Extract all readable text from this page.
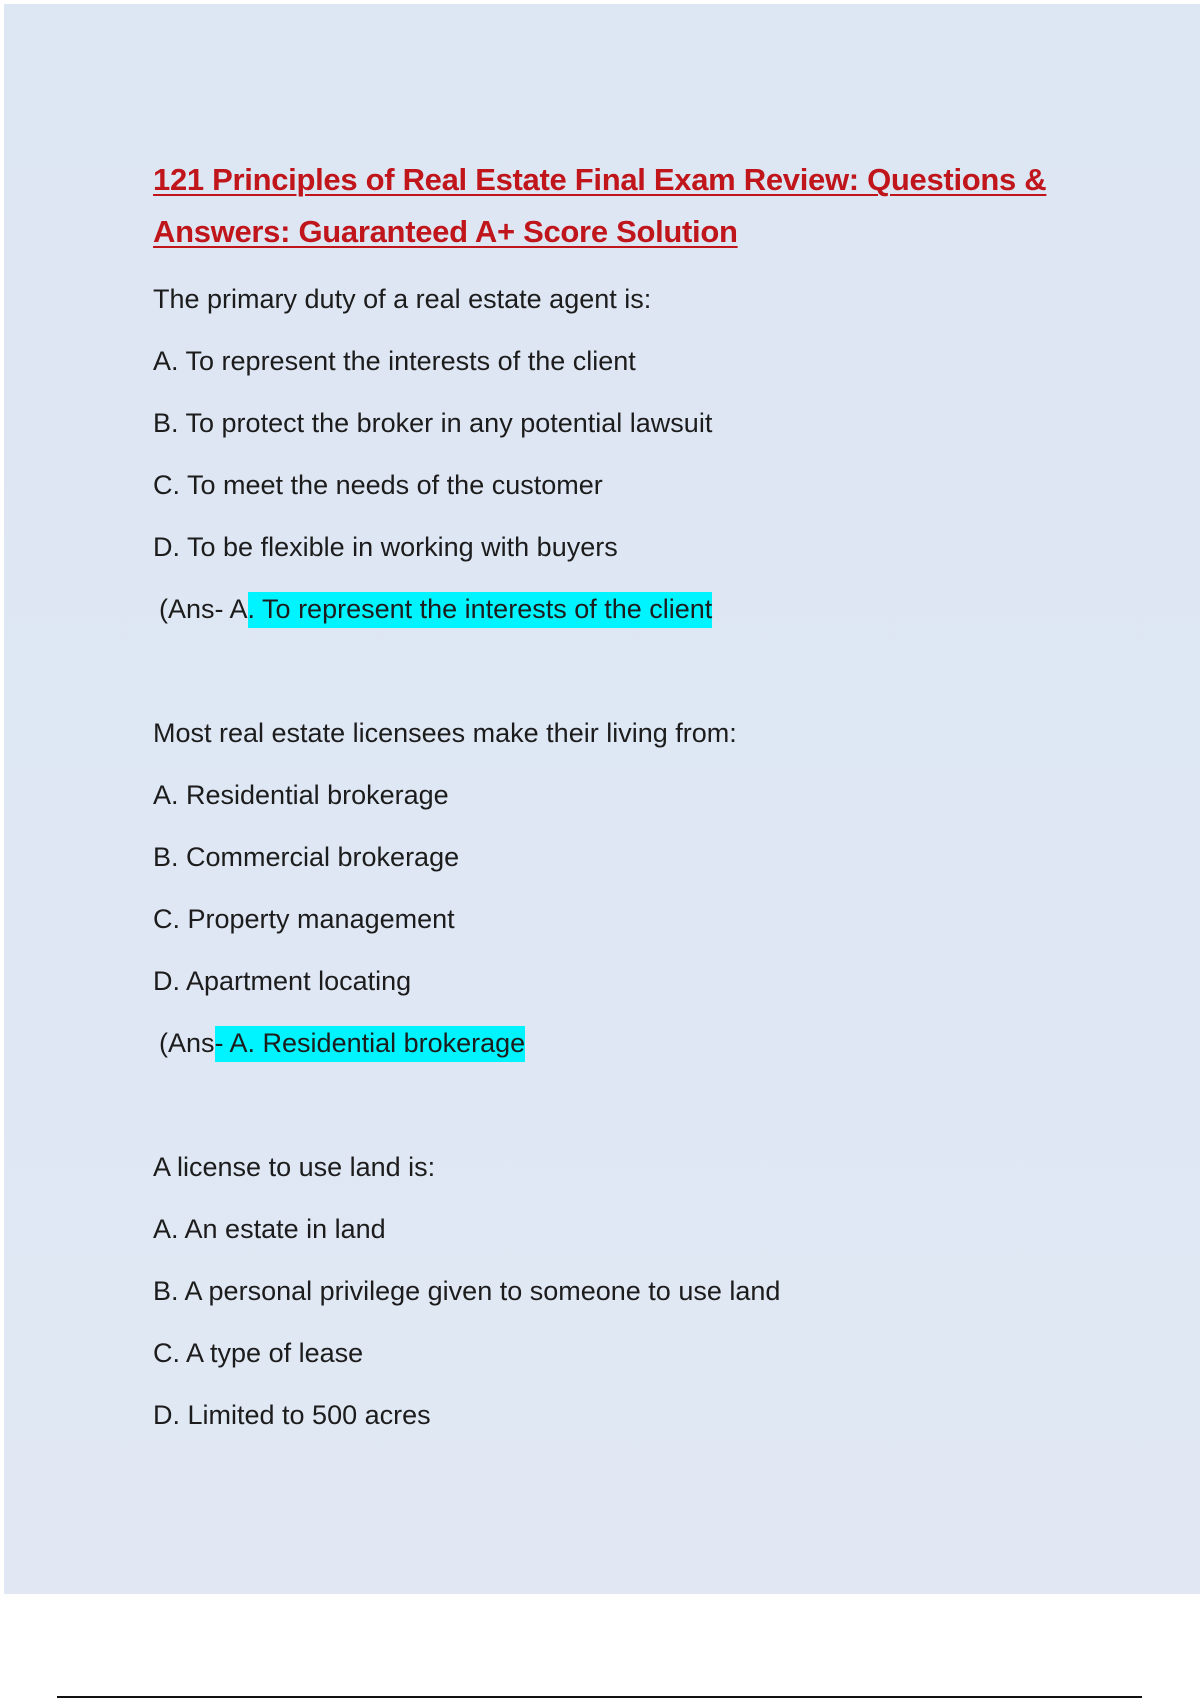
121 Principles of Real Estate Final Exam Review: Questions &
Answers: Guaranteed A+ Score Solution
The primary duty of a real estate agent is:
A. To represent the interests of the client
B. To protect the broker in any potential lawsuit
C. To meet the needs of the customer
D. To be flexible in working with buyers
(Ans- A. To represent the interests of the client
Most real estate licensees make their living from:
A. Residential brokerage
B. Commercial brokerage
C. Property management
D. Apartment locating
(Ans- A. Residential brokerage
A license to use land is:
A. An estate in land
B. A personal privilege given to someone to use land
C. A type of lease
D. Limited to 500 acres
